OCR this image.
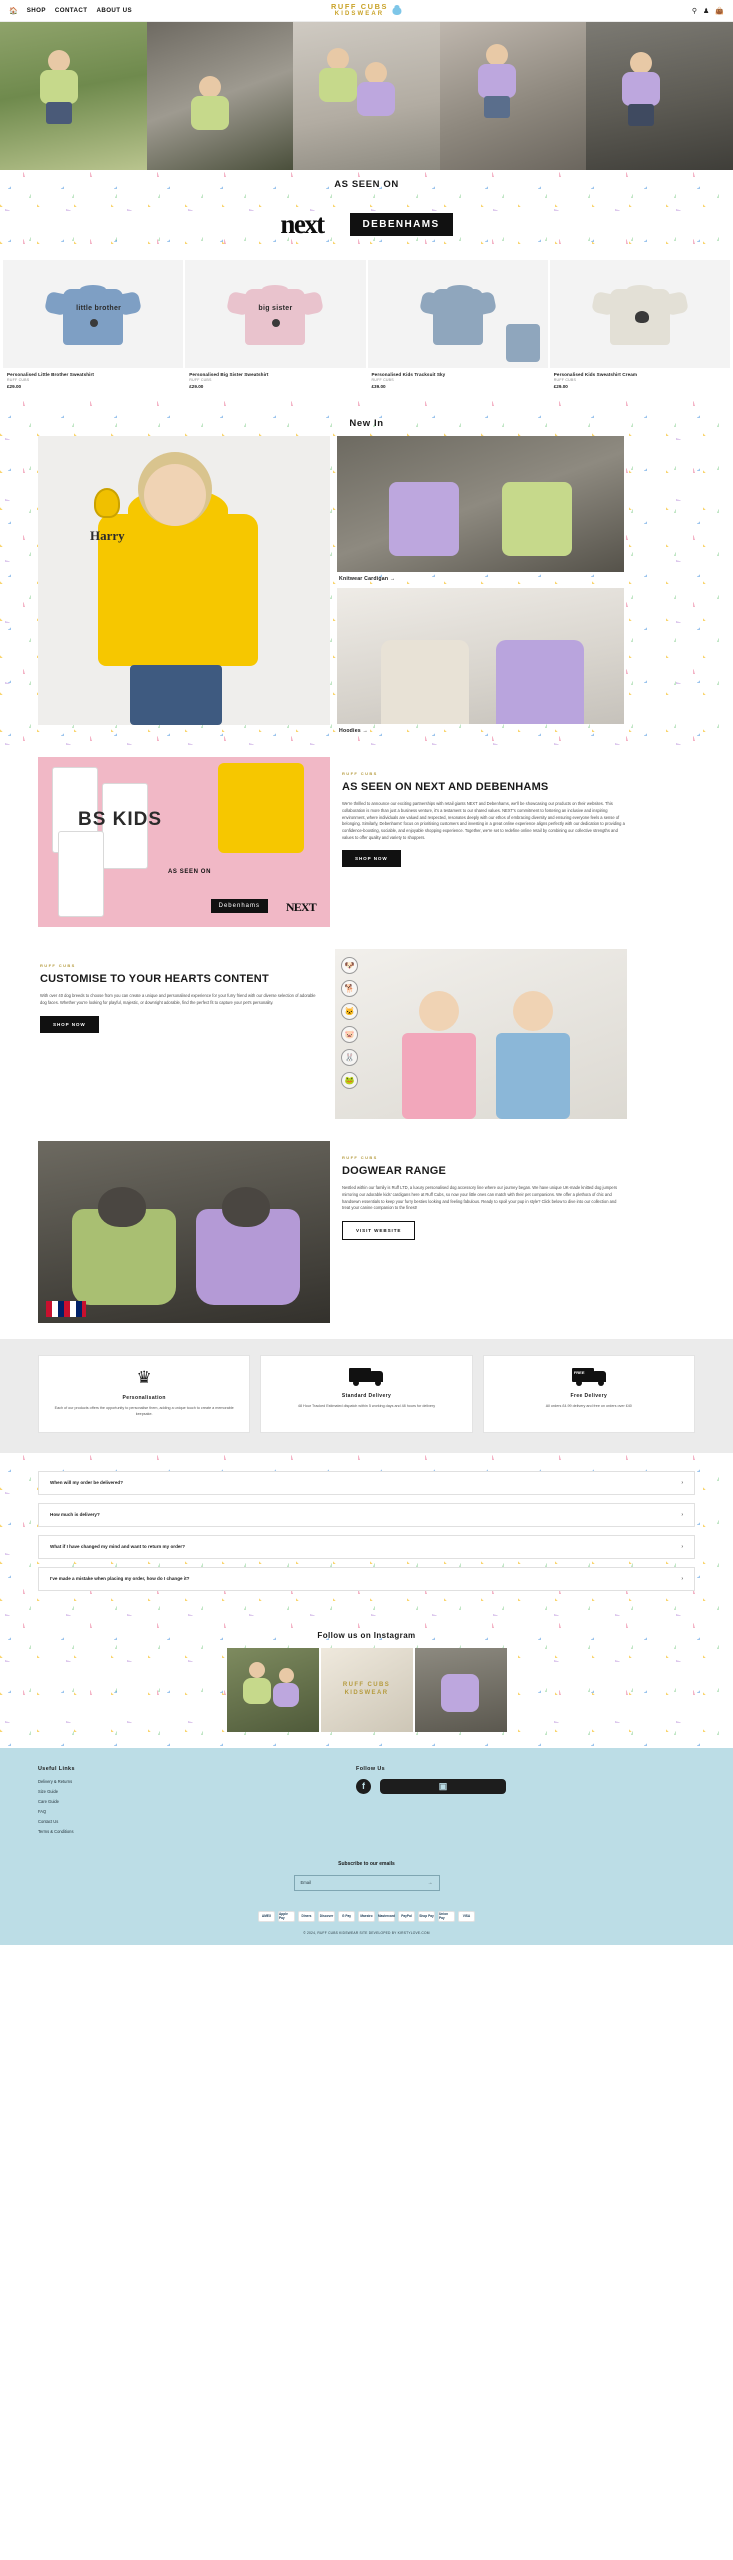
🏠 SHOP CONTACT ABOUT US	RUFF CUBS
KIDSWEAR	⚲ ♟ 👜
AS SEEN ON
next	DEBENHAMS
little brother
Personalised Little Brother Sweatshirt
RUFF CUBS
£29.00
big sister
Personalised Big Sister Sweatshirt
RUFF CUBS
£29.00
Personalised Kids Tracksuit Sky
RUFF CUBS
£39.00
Personalised Kids Sweatshirt Cream
RUFF CUBS
£29.00
New In
Harry
Knitwear Cardigan →
Hoodies →
BS KIDS
AS SEEN ON
Debenhams	NEXT
RUFF CUBS
AS SEEN ON NEXT AND DEBENHAMS
We're thrilled to announce our exciting partnerships with retail giants NEXT and Debenhams, we'll be showcasing our products on their websites. This collaboration is more than just a business venture, it's a testament to our shared values. NEXT's commitment to fostering an inclusive and inspiring environment, where individuals are valued and respected, resonates deeply with our ethos of embracing diversity and ensuring everyone feels a sense of belonging. Similarly, Debenhams' focus on prioritising customers and investing in a great online experience aligns perfectly with our dedication to providing a confidence-boosting, sociable, and enjoyable shopping experience. Together, we're set to redefine online retail by combining our collective strengths and values to offer quality and variety to shoppers.
SHOP NOW
RUFF CUBS
CUSTOMISE TO YOUR HEARTS CONTENT
With over 40 dog breeds to choose from you can create a unique and personalised experience for your furry friend with our diverse selection of adorable dog faces. Whether you're looking for playful, majestic, or downright adorable, find the perfect fit to capture your pet's personality.
SHOP NOW
🐶
🐕
🐱
🐷
🐰
🐸
RUFF CUBS
DOGWEAR RANGE
Nestled within our family is Ruff LTD, a luxury personalised dog accessory line where our journey began. We have unique UK-made knitted dog jumpers mirroring our adorable kids' cardigans here at Ruff Cubs, so now your little ones can match with their pet companions. We offer a plethora of chic and handsewn essentials to keep your furry besties looking and feeling fabulous. Ready to spoil your pup in style? Click below to dive into our collection and treat your canine companion to the finest!
VISIT WEBSITE
♛
Personalisation
Each of our products offers the opportunity to personalise them, adding a unique touch to create a memorable keepsake.
Standard Delivery
48 Hour Tracked Estimated dispatch within 5 working days and 48 hours for delivery
FREE
Free Delivery
All orders £4.99 delivery and free on orders over £40
When will my order be delivered?	›
How much is delivery?	›
What if I have changed my mind and want to return my order?	›
I've made a mistake when placing my order, how do I change it?	›
Follow us on Instagram
RUFF CUBS KIDSWEAR
Useful Links
Delivery & Returns
Size Guide
Care Guide
FAQ
Contact Us
Terms & Conditions
Follow Us
f	▣
Subscribe to our emails
Email	→
AMEX	Apple Pay	Diners	Discover	G Pay	Maestro	Mastercard	PayPal	Shop Pay	Union Pay	VISA
© 2024, RUFF CUBS KIDSWEAR SITE DEVELOPED BY KIRSTYLOVE.COM
